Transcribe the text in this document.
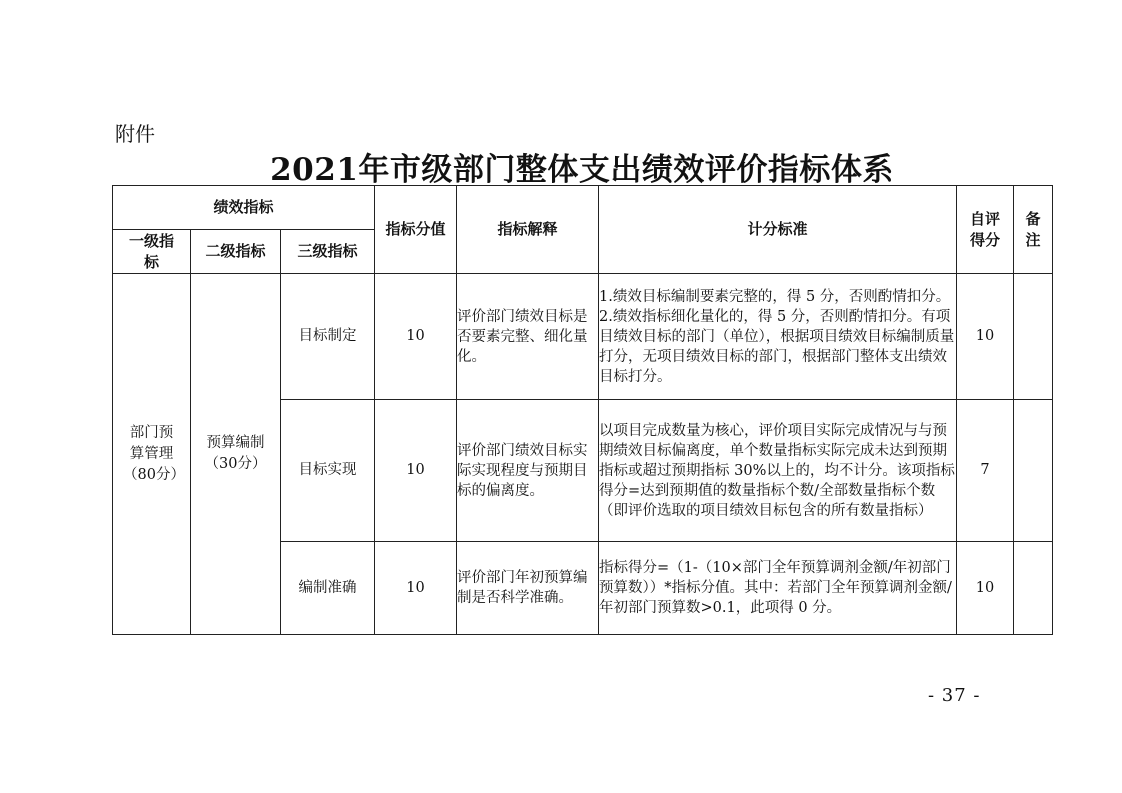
附件
2021年市级部门整体支出绩效评价指标体系
绩效指标			指标分值	指标解释	计分标准	自评得分	备注
一级指标	二级指标	三级指标					
部门预算管理（80分）	预算编制（30分）	目标制定	10	评价部门绩效目标是否要素完整、细化量化。	1.绩效目标编制要素完整的，得 5 分，否则酌情扣分。
2.绩效指标细化量化的，得 5 分，否则酌情扣分。有项目绩效目标的部门（单位），根据项目绩效目标编制质量打分，无项目绩效目标的部门，根据部门整体支出绩效目标打分。	10	
		目标实现	10	评价部门绩效目标实际实现程度与预期目标的偏离度。	以项目完成数量为核心，评价项目实际完成情况与与预期绩效目标偏离度，单个数量指标实际完成未达到预期指标或超过预期指标 30%以上的，均不计分。该项指标得分=达到预期值的数量指标个数/全部数量指标个数（即评价选取的项目绩效目标包含的所有数量指标）	7	
		编制准确	10	评价部门年初预算编制是否科学准确。	指标得分=（1-（10×部门全年预算调剂金额/年初部门预算数））*指标分值。其中：若部门全年预算调剂金额/年初部门预算数>0.1，此项得 0 分。	10	
- 37 -
